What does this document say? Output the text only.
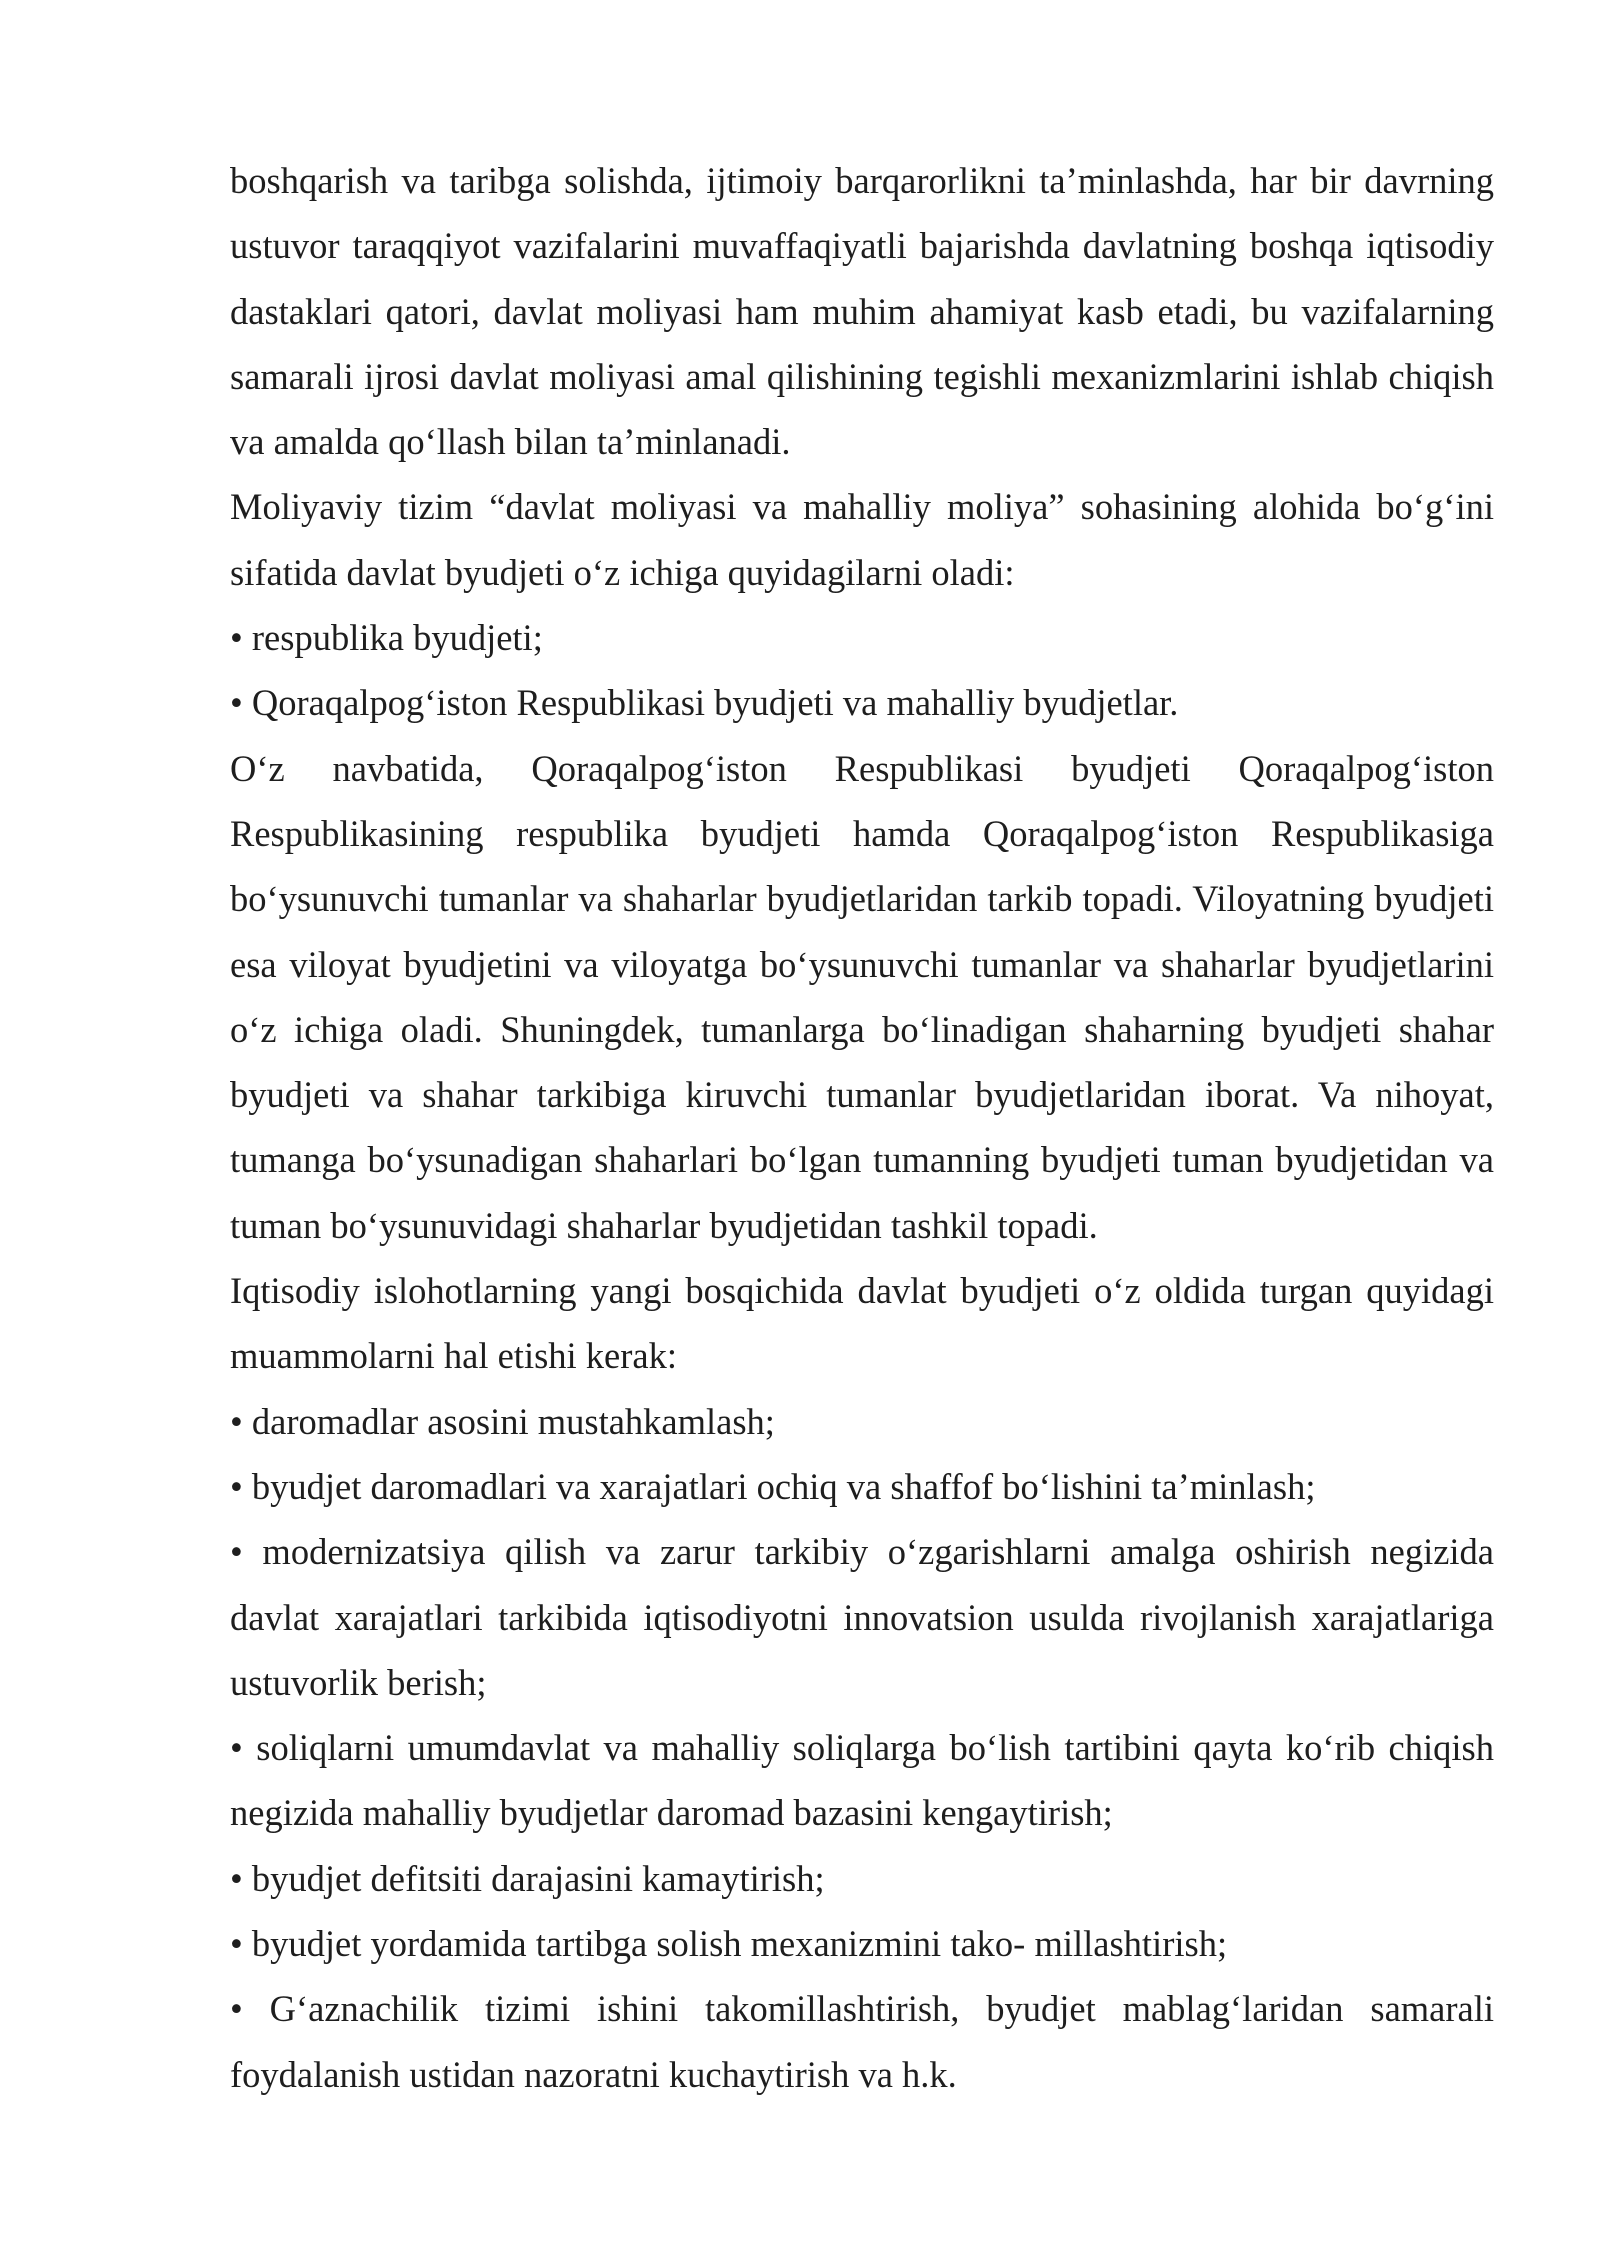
boshqarish va taribga solishda, ijtimoiy barqarorlikni ta’minlashda, har bir davrning ustuvor taraqqiyot vazifalarini muvaffaqiyatli bajarishda davlatning boshqa iqtisodiy dastaklari qatori, davlat moliyasi ham muhim ahamiyat kasb etadi, bu vazifalarning samarali ijrosi davlat moliyasi amal qilishining tegishli mexanizmlarini ishlab chiqish va amalda qo‘llash bilan ta’minlanadi.

Moliyaviy tizim “davlat moliyasi va mahalliy moliya” sohasining alohida bo‘g‘ini sifatida davlat byudjeti o‘z ichiga quyidagilarni oladi:

• respublika byudjeti;

• Qoraqalpog‘iston Respublikasi byudjeti va mahalliy byudjetlar.

O‘z navbatida, Qoraqalpog‘iston Respublikasi byudjeti Qoraqalpog‘iston Respublikasining respublika byudjeti hamda Qoraqalpog‘iston Respublikasiga bo‘ysunuvchi tumanlar va shaharlar byudjetlaridan tarkib topadi. Viloyatning byudjeti esa viloyat byudjetini va viloyatga bo‘ysunuvchi tumanlar va shaharlar byudjetlarini o‘z ichiga oladi. Shuningdek, tumanlarga bo‘linadigan shaharning byudjeti shahar byudjeti va shahar tarkibiga kiruvchi tumanlar byudjetlaridan iborat. Va nihoyat, tumanga bo‘ysunadigan shaharlari bo‘lgan tumanning byudjeti tuman byudjetidan va tuman bo‘ysunuvidagi shaharlar byudjetidan tashkil topadi.

Iqtisodiy islohotlarning yangi bosqichida davlat byudjeti o‘z oldida turgan quyidagi muammolarni hal etishi kerak:

• daromadlar asosini mustahkamlash;

• byudjet daromadlari va xarajatlari ochiq va shaffof bo‘lishini ta’minlash;

• modernizatsiya qilish va zarur tarkibiy o‘zgarishlarni amalga oshirish negizida davlat xarajatlari tarkibida iqtisodiyotni innovatsion usulda rivojlanish xarajatlariga ustuvorlik berish;

• soliqlarni umumdavlat va mahalliy soliqlarga bo‘lish tartibini qayta ko‘rib chiqish negizida mahalliy byudjetlar daromad bazasini kengaytirish;

• byudjet defitsiti darajasini kamaytirish;

• byudjet yordamida tartibga solish mexanizmini tako- millashtirish;

• G‘aznachilik tizimi ishini takomillashtirish, byudjet mablag‘laridan samarali foydalanish ustidan nazoratni kuchaytirish va h.k.
